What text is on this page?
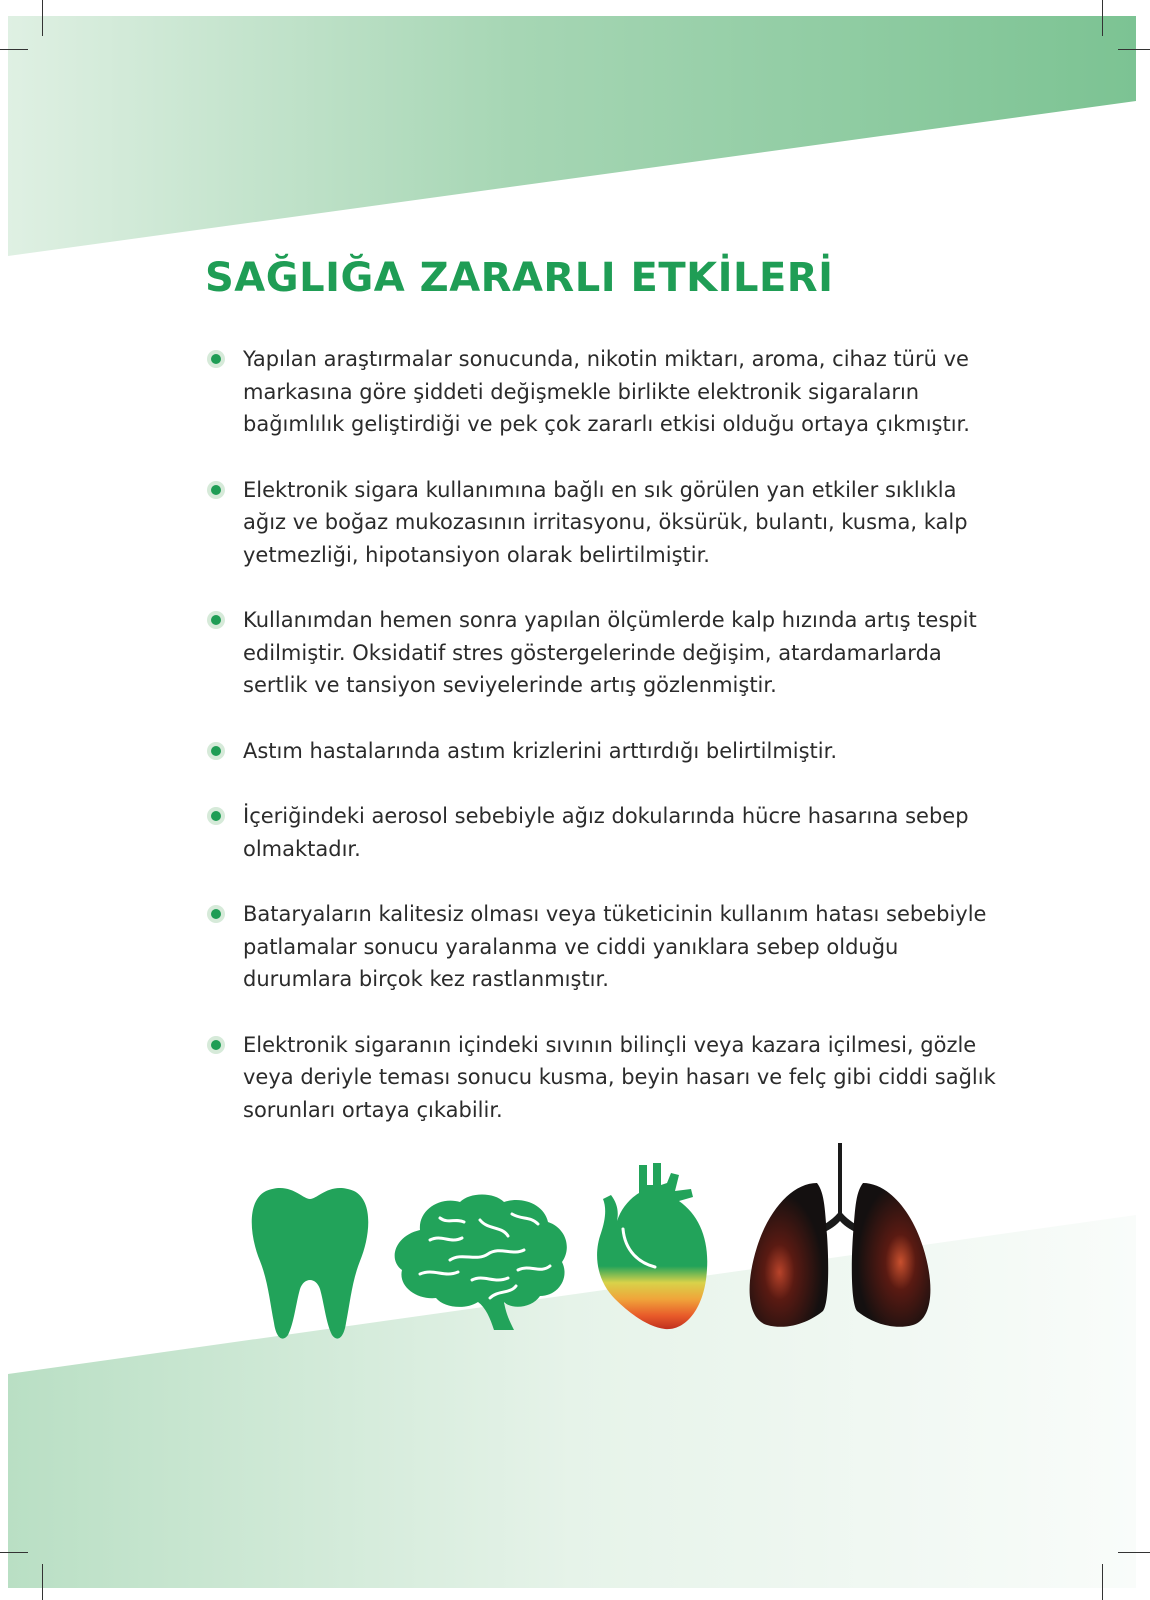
SAĞLIĞA ZARARLI ETKİLERİ
Yapılan araştırmalar sonucunda, nikotin miktarı, aroma, cihaz türü ve markasına göre şiddeti değişmekle birlikte elektronik sigaraların bağımlılık geliştirdiği ve pek çok zararlı etkisi olduğu ortaya çıkmıştır.
Elektronik sigara kullanımına bağlı en sık görülen yan etkiler sıklıkla ağız ve boğaz mukozasının irritasyonu, öksürük, bulantı, kusma, kalp yetmezliği, hipotansiyon olarak belirtilmiştir.
Kullanımdan hemen sonra yapılan ölçümlerde kalp hızında artış tespit edilmiştir. Oksidatif stres göstergelerinde değişim, atardamarlarda sertlik ve tansiyon seviyelerinde artış gözlenmiştir.
Astım hastalarında astım krizlerini arttırdığı belirtilmiştir.
İçeriğindeki aerosol sebebiyle ağız dokularında hücre hasarına sebep olmaktadır.
Bataryaların kalitesiz olması veya tüketicinin kullanım hatası sebebiyle patlamalar sonucu yaralanma ve ciddi yanıklara sebep olduğu durumlara birçok kez rastlanmıştır.
Elektronik sigaranın içindeki sıvının bilinçli veya kazara içilmesi, gözle veya deriyle teması sonucu kusma, beyin hasarı ve felç gibi ciddi sağlık sorunları ortaya çıkabilir.
